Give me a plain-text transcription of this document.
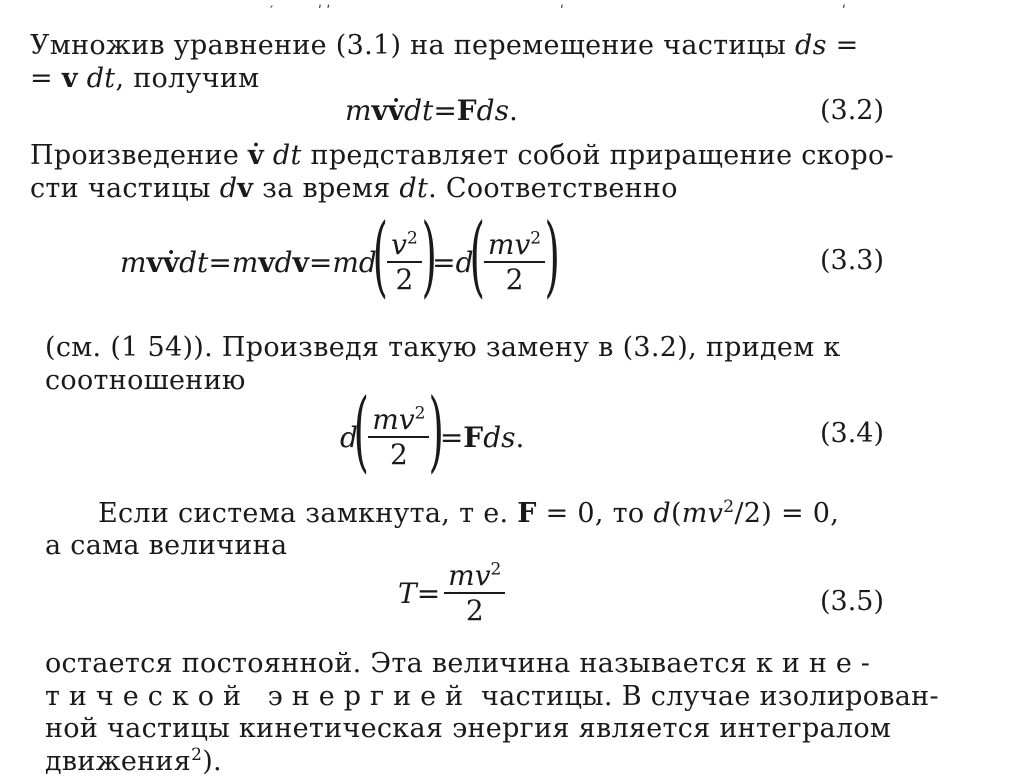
′	ʹ ʹ	ʹ	ʹ
Умножив уравнение (3.1) на перемещение частицы ds =
= v dt, получим
m v v̇ dt = F ds .	(3.2)
Произведение v̇ dt представляет собой приращение скоро-
сти частицы dv за время dt. Соответственно
m v v̇ dt = m v d v = md
( $\frac{v^2}{2}$ )
= d
( $\frac{mv^2}{2}$ )	(3.3)
(см. (1 54)). Произведя такую замену в (3.2), придем к
соотношению
d
( $\frac{mv^2}{2}$ )
= F ds .	(3.4)
Если система замкнута, т е. F = 0, то $d(mv^2/2) = 0$,
а сама величина
$T = \frac{mv^2}{2}$	(3.5)
остается постоянной. Эта величина называется кине-
тической энергией частицы. В случае изолирован-
ной частицы кинетическая энергия является интегралом
движения$^2$).
